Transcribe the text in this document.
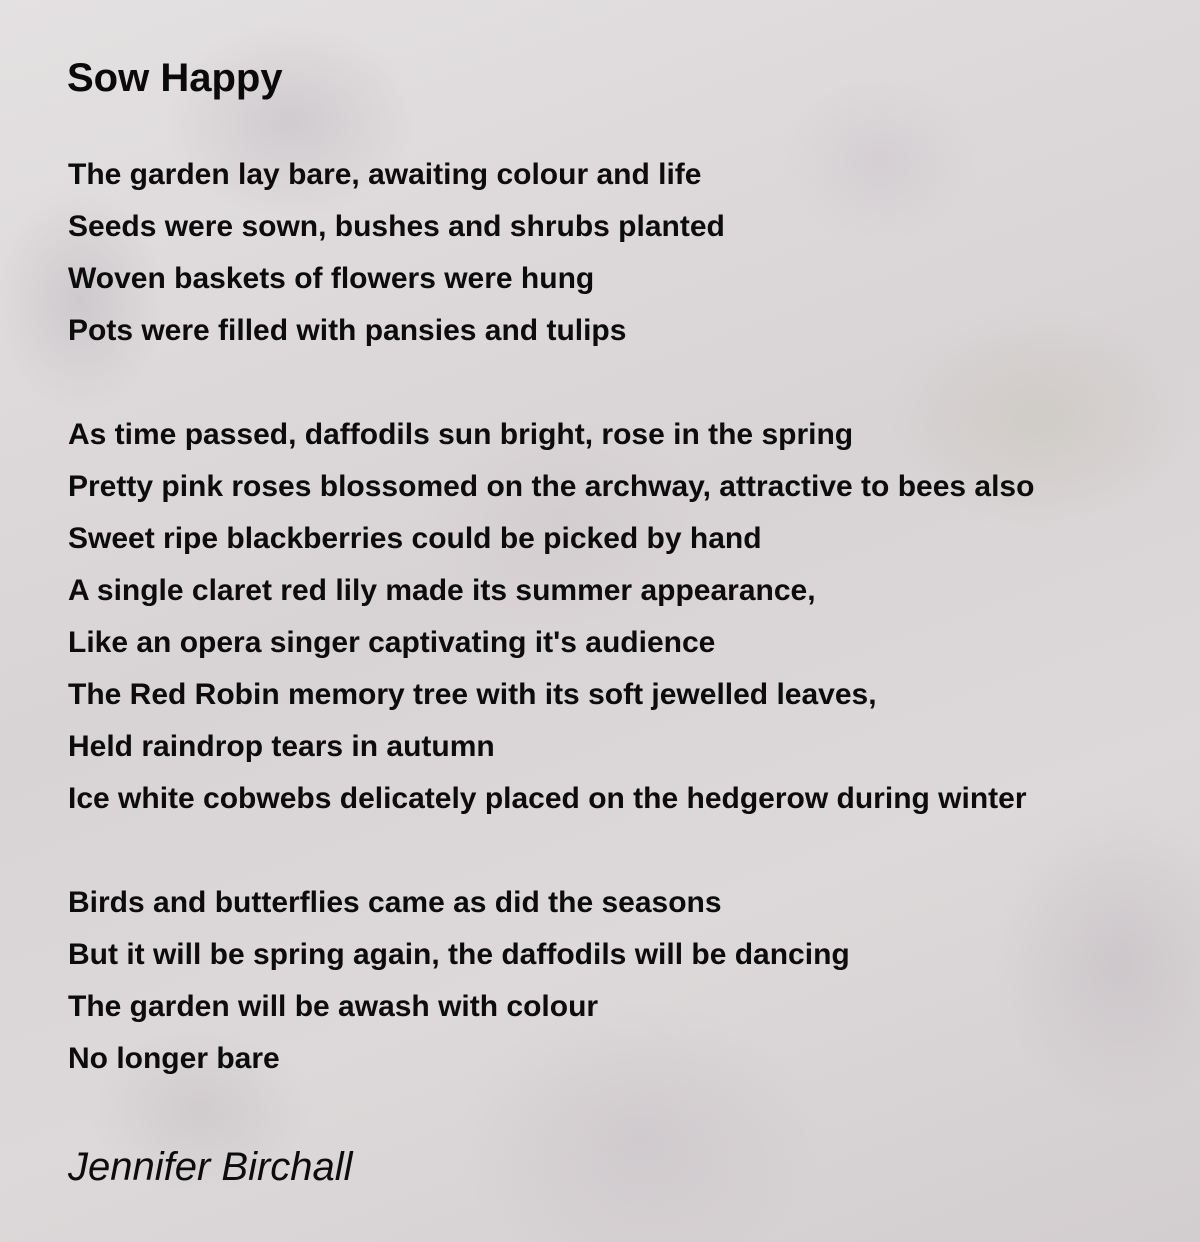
Sow Happy
The garden lay bare, awaiting colour and life
Seeds were sown, bushes and shrubs planted
Woven baskets of flowers were hung
Pots were filled with pansies and tulips
As time passed, daffodils sun bright, rose in the spring
Pretty pink roses blossomed on the archway, attractive to bees also
Sweet ripe blackberries could be picked by hand
A single claret red lily made its summer appearance,
Like an opera singer captivating it's audience
The Red Robin memory tree with its soft jewelled leaves,
Held raindrop tears in autumn
Ice white cobwebs delicately placed on the hedgerow during winter
Birds and butterflies came as did the seasons
But it will be spring again, the daffodils will be dancing
The garden will be awash with colour
No longer bare
Jennifer Birchall
